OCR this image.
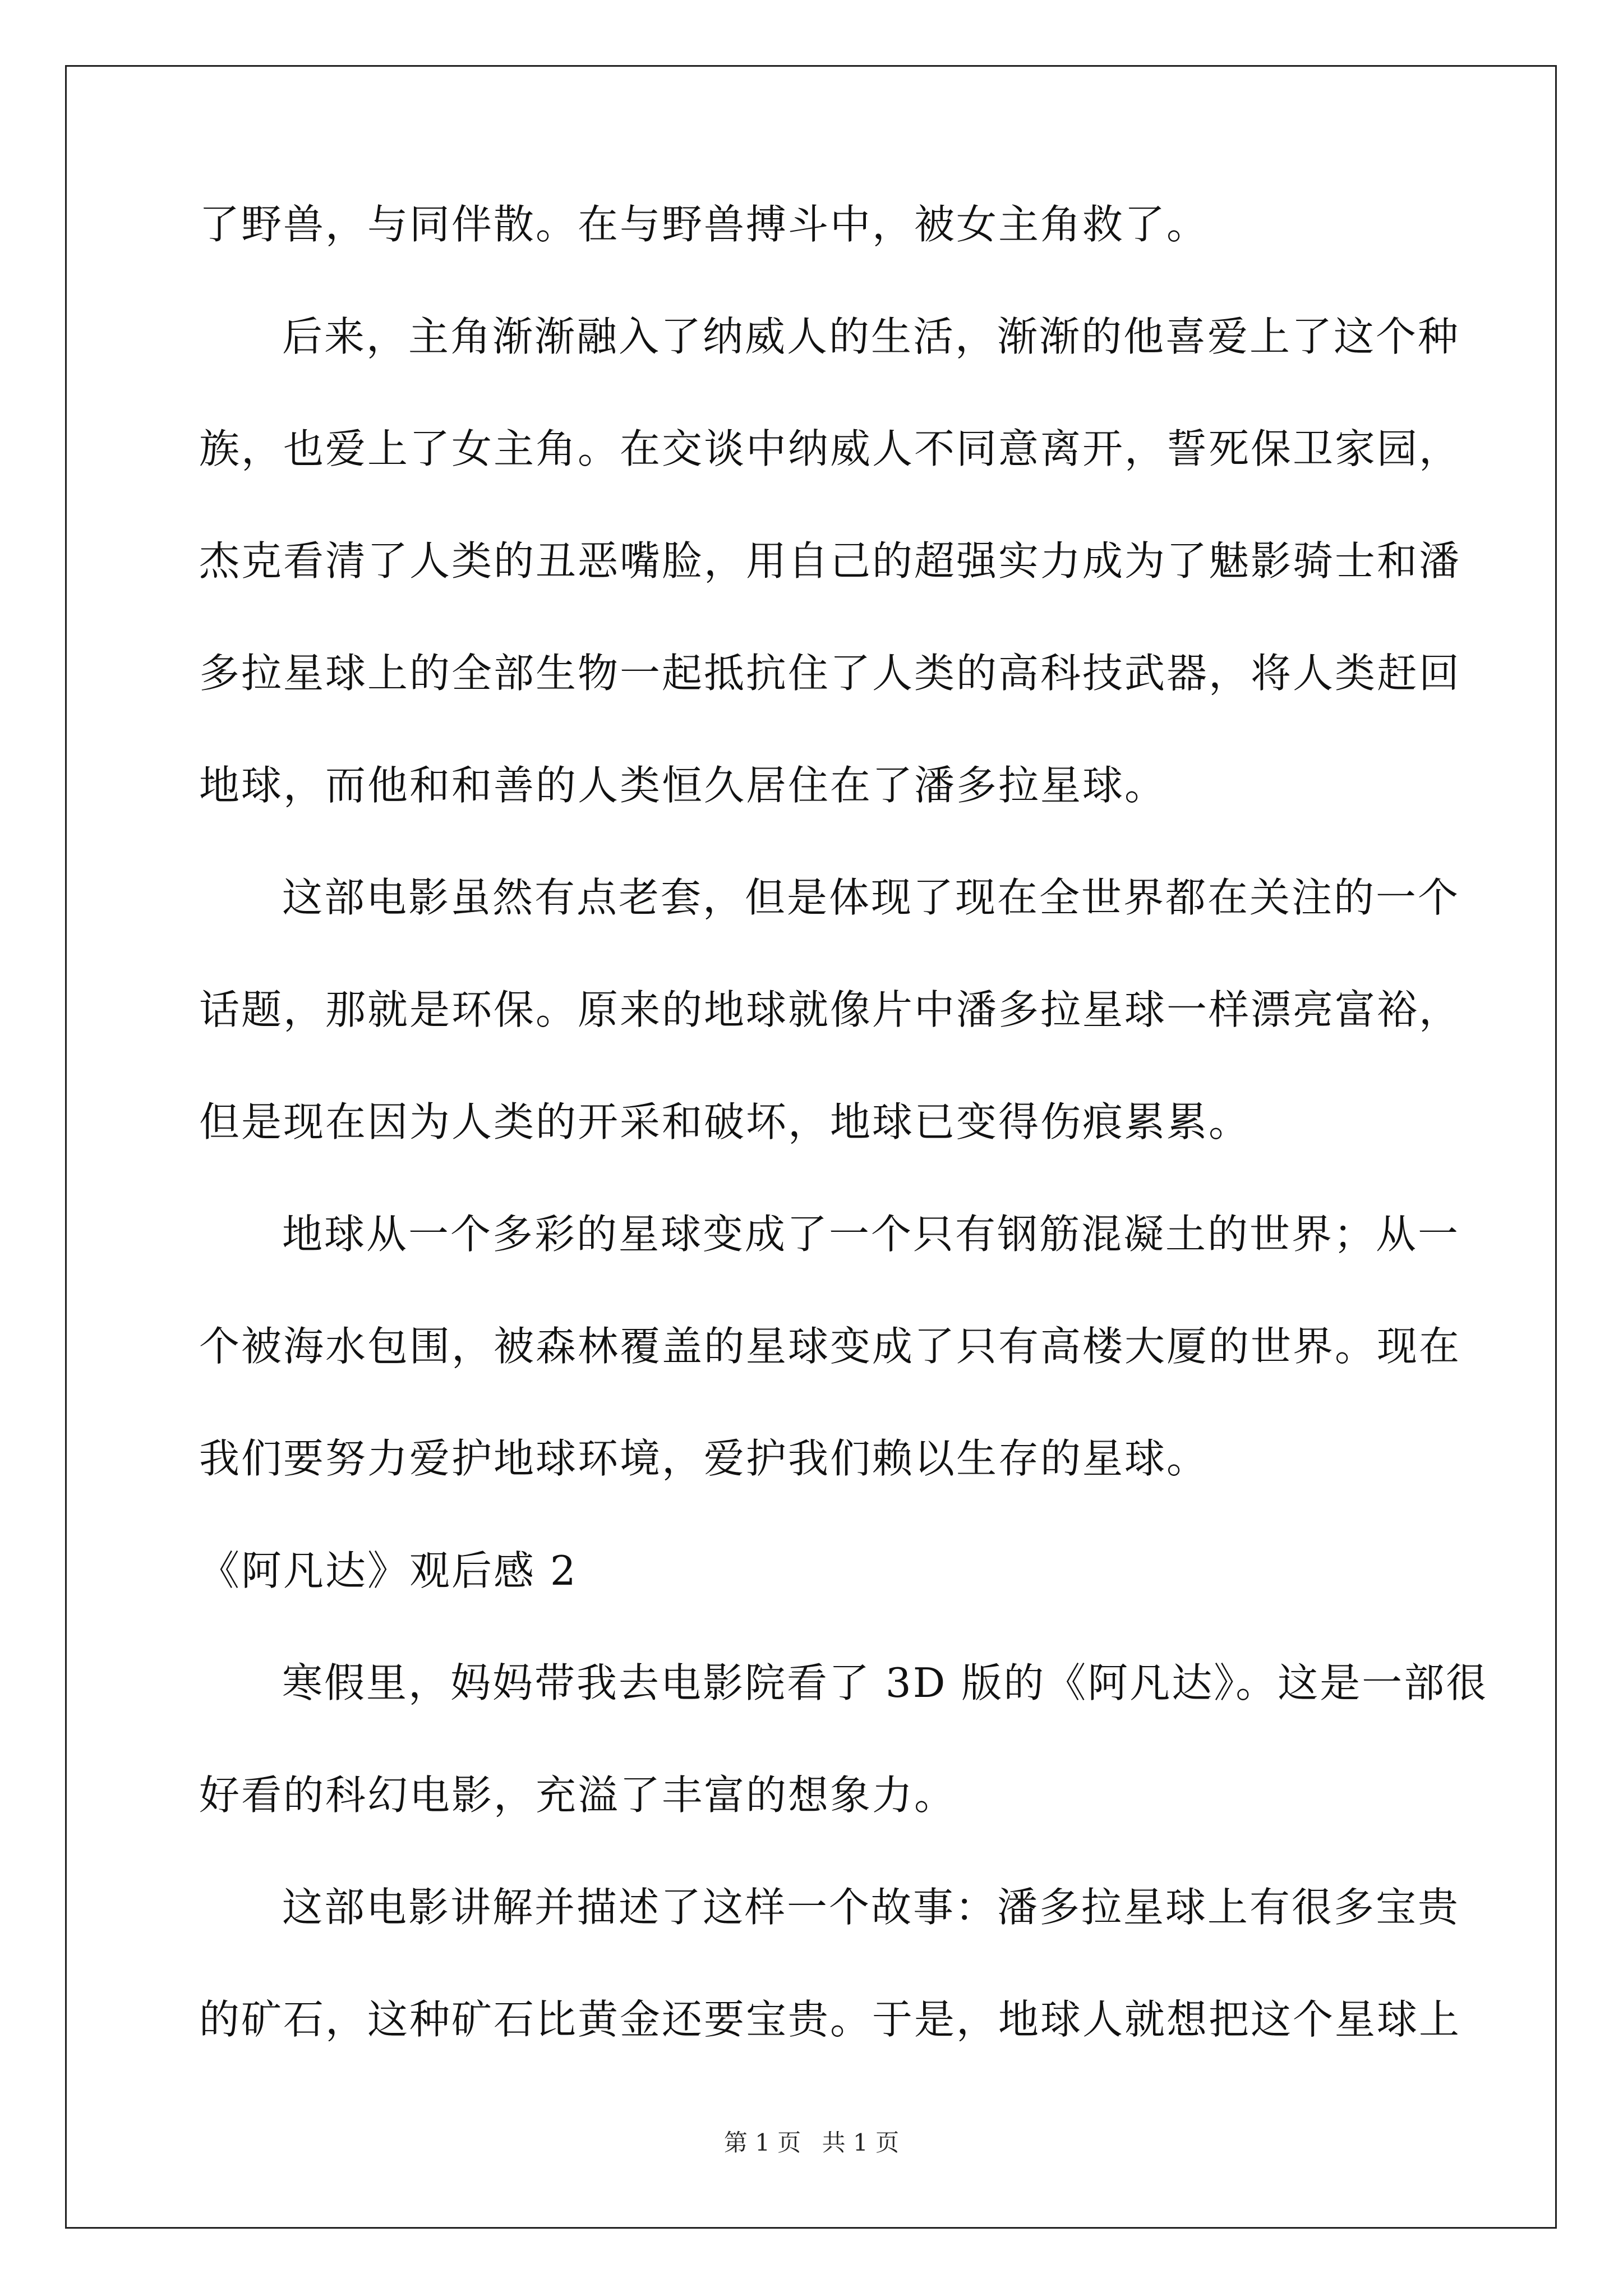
了野兽，与同伴散。在与野兽搏斗中，被女主角救了。
后来，主角渐渐融入了纳威人的生活，渐渐的他喜爱上了这个种
族，也爱上了女主角。在交谈中纳威人不同意离开，誓死保卫家园，
杰克看清了人类的丑恶嘴脸，用自己的超强实力成为了魅影骑士和潘
多拉星球上的全部生物一起抵抗住了人类的高科技武器，将人类赶回
地球，而他和和善的人类恒久居住在了潘多拉星球。
这部电影虽然有点老套，但是体现了现在全世界都在关注的一个
话题，那就是环保。原来的地球就像片中潘多拉星球一样漂亮富裕，
但是现在因为人类的开采和破坏，地球已变得伤痕累累。
地球从一个多彩的星球变成了一个只有钢筋混凝土的世界；从一
个被海水包围，被森林覆盖的星球变成了只有高楼大厦的世界。现在
我们要努力爱护地球环境，爱护我们赖以生存的星球。
《阿凡达》观后感 2
寒假里，妈妈带我去电影院看了 3D 版的《阿凡达》。这是一部很
好看的科幻电影，充溢了丰富的想象力。
这部电影讲解并描述了这样一个故事：潘多拉星球上有很多宝贵
的矿石，这种矿石比黄金还要宝贵。于是，地球人就想把这个星球上
第 1 页 共 1 页
